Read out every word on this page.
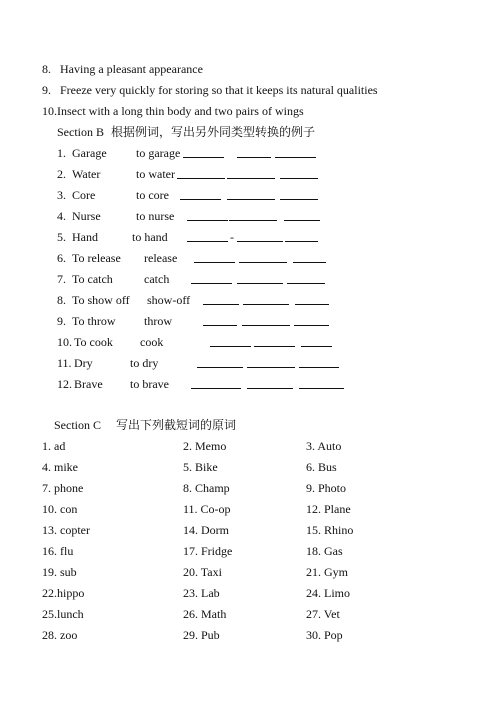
8. Having a pleasant appearance
9. Freeze very quickly for storing so that it keeps its natural qualities
10.Insect with a long thin body and two pairs of wings
Section B 根据例词，写出另外同类型转换的例子
1. Garage to garage
2. Water	to water
3. Core	to core
4. Nurse	to nurse
5. Hand	to hand	-
6. To release release
7. To catch	catch
8. To show off show-off
9. To throw throw
10. To cook cook
11. Dry	to dry
12. Brave to brave
Section C 写出下列截短词的原词
1. ad	2. Memo	3. Auto
4. mike	5. Bike	6. Bus
7. phone	8. Champ	9. Photo
10. con	11. Co-op	12. Plane
13. copter	14. Dorm	15. Rhino
16. flu	17. Fridge	18. Gas
19. sub	20. Taxi	21. Gym
22.hippo	23. Lab	24. Limo
25.lunch	26. Math	27. Vet
28. zoo	29. Pub	30. Pop
